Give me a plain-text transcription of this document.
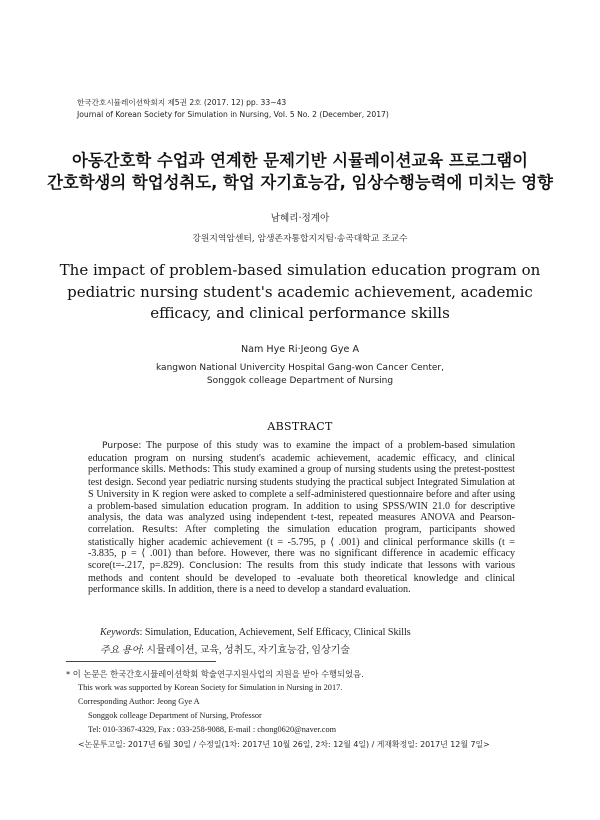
한국간호시뮬레이션학회지 제5권 2호 (2017. 12) pp. 33~43
Journal of Korean Society for Simulation in Nursing, Vol. 5 No. 2 (December, 2017)
아동간호학 수업과 연계한 문제기반 시뮬레이션교육 프로그램이
간호학생의 학업성취도, 학업 자기효능감, 임상수행능력에 미치는 영향
남혜리·정계아
강원지역암센터, 암생존자통합지지팀·송곡대학교 조교수
The impact of problem-based simulation education program on
pediatric nursing student's academic achievement, academic
efficacy, and clinical performance skills
Nam Hye Ri·Jeong Gye A
kangwon National Univercity Hospital Gang-won Cancer Center,
Songgok colleage Department of Nursing
ABSTRACT

Purpose: The purpose of this study was to examine the impact of a problem-based simulation education program on nursing student's academic achievement, academic efficacy, and clinical performance skills. Methods: This study examined a group of nursing students using the pretest-posttest test design. Second year pediatric nursing students studying the practical subject Integrated Simulation at S University in K region were asked to complete a self-administered questionnaire before and after using a problem-based simulation education program. In addition to using SPSS/WIN 21.0 for descriptive analysis, the data was analyzed using independent t-test, repeated measures ANOVA and Pearson- correlation. Results: After completing the simulation education program, participants showed statistically higher academic achievement (t = -5.795, p ⟨ .001) and clinical performance skills (t = -3.835, p = ⟨ .001) than before. However, there was no significant difference in academic efficacy score(t=-.217, p=.829). Conclusion: The results from this study indicate that lessons with various methods and content should be developed to -evaluate both theoretical knowledge and clinical performance skills. In addition, there is a need to develop a standard evaluation.

Keywords: Simulation, Education, Achievement, Self Efficacy, Clinical Skills
주요 용어: 시뮬레이션, 교육, 성취도, 자기효능감, 임상기술
* 이 논문은 한국간호시뮬레이션학회 학술연구지원사업의 지원을 받아 수행되었음.
This work was supported by Korean Society for Simulation in Nursing in 2017.
Corresponding Author: Jeong Gye A
Songgok colleage Department of Nursing, Professor
Tel: 010-3367-4329, Fax : 033-258-9088, E-mail : chong0620@naver.com
<논문투고일: 2017년 6월 30일 / 수정일(1차: 2017년 10월 26일, 2차: 12월 4일) / 게재확정일: 2017년 12월 7일>
